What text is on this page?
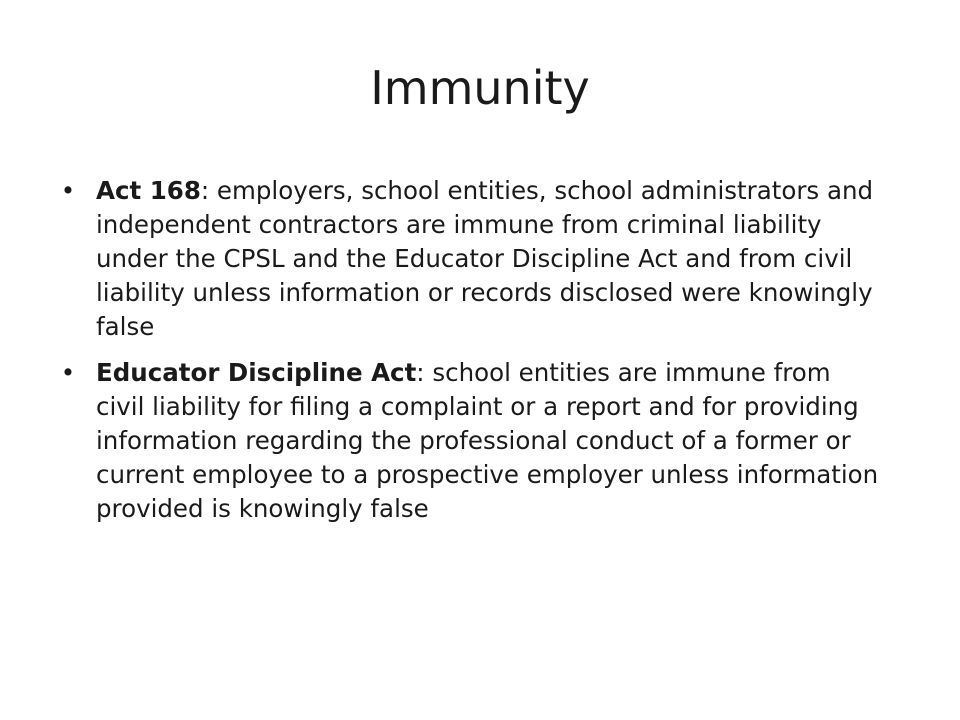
Immunity
• Act 168: employers, school entities, school administrators and independent contractors are immune from criminal liability under the CPSL and the Educator Discipline Act and from civil liability unless information or records disclosed were knowingly false
• Educator Discipline Act: school entities are immune from civil liability for filing a complaint or a report and for providing information regarding the professional conduct of a former or current employee to a prospective employer unless information provided is knowingly false
